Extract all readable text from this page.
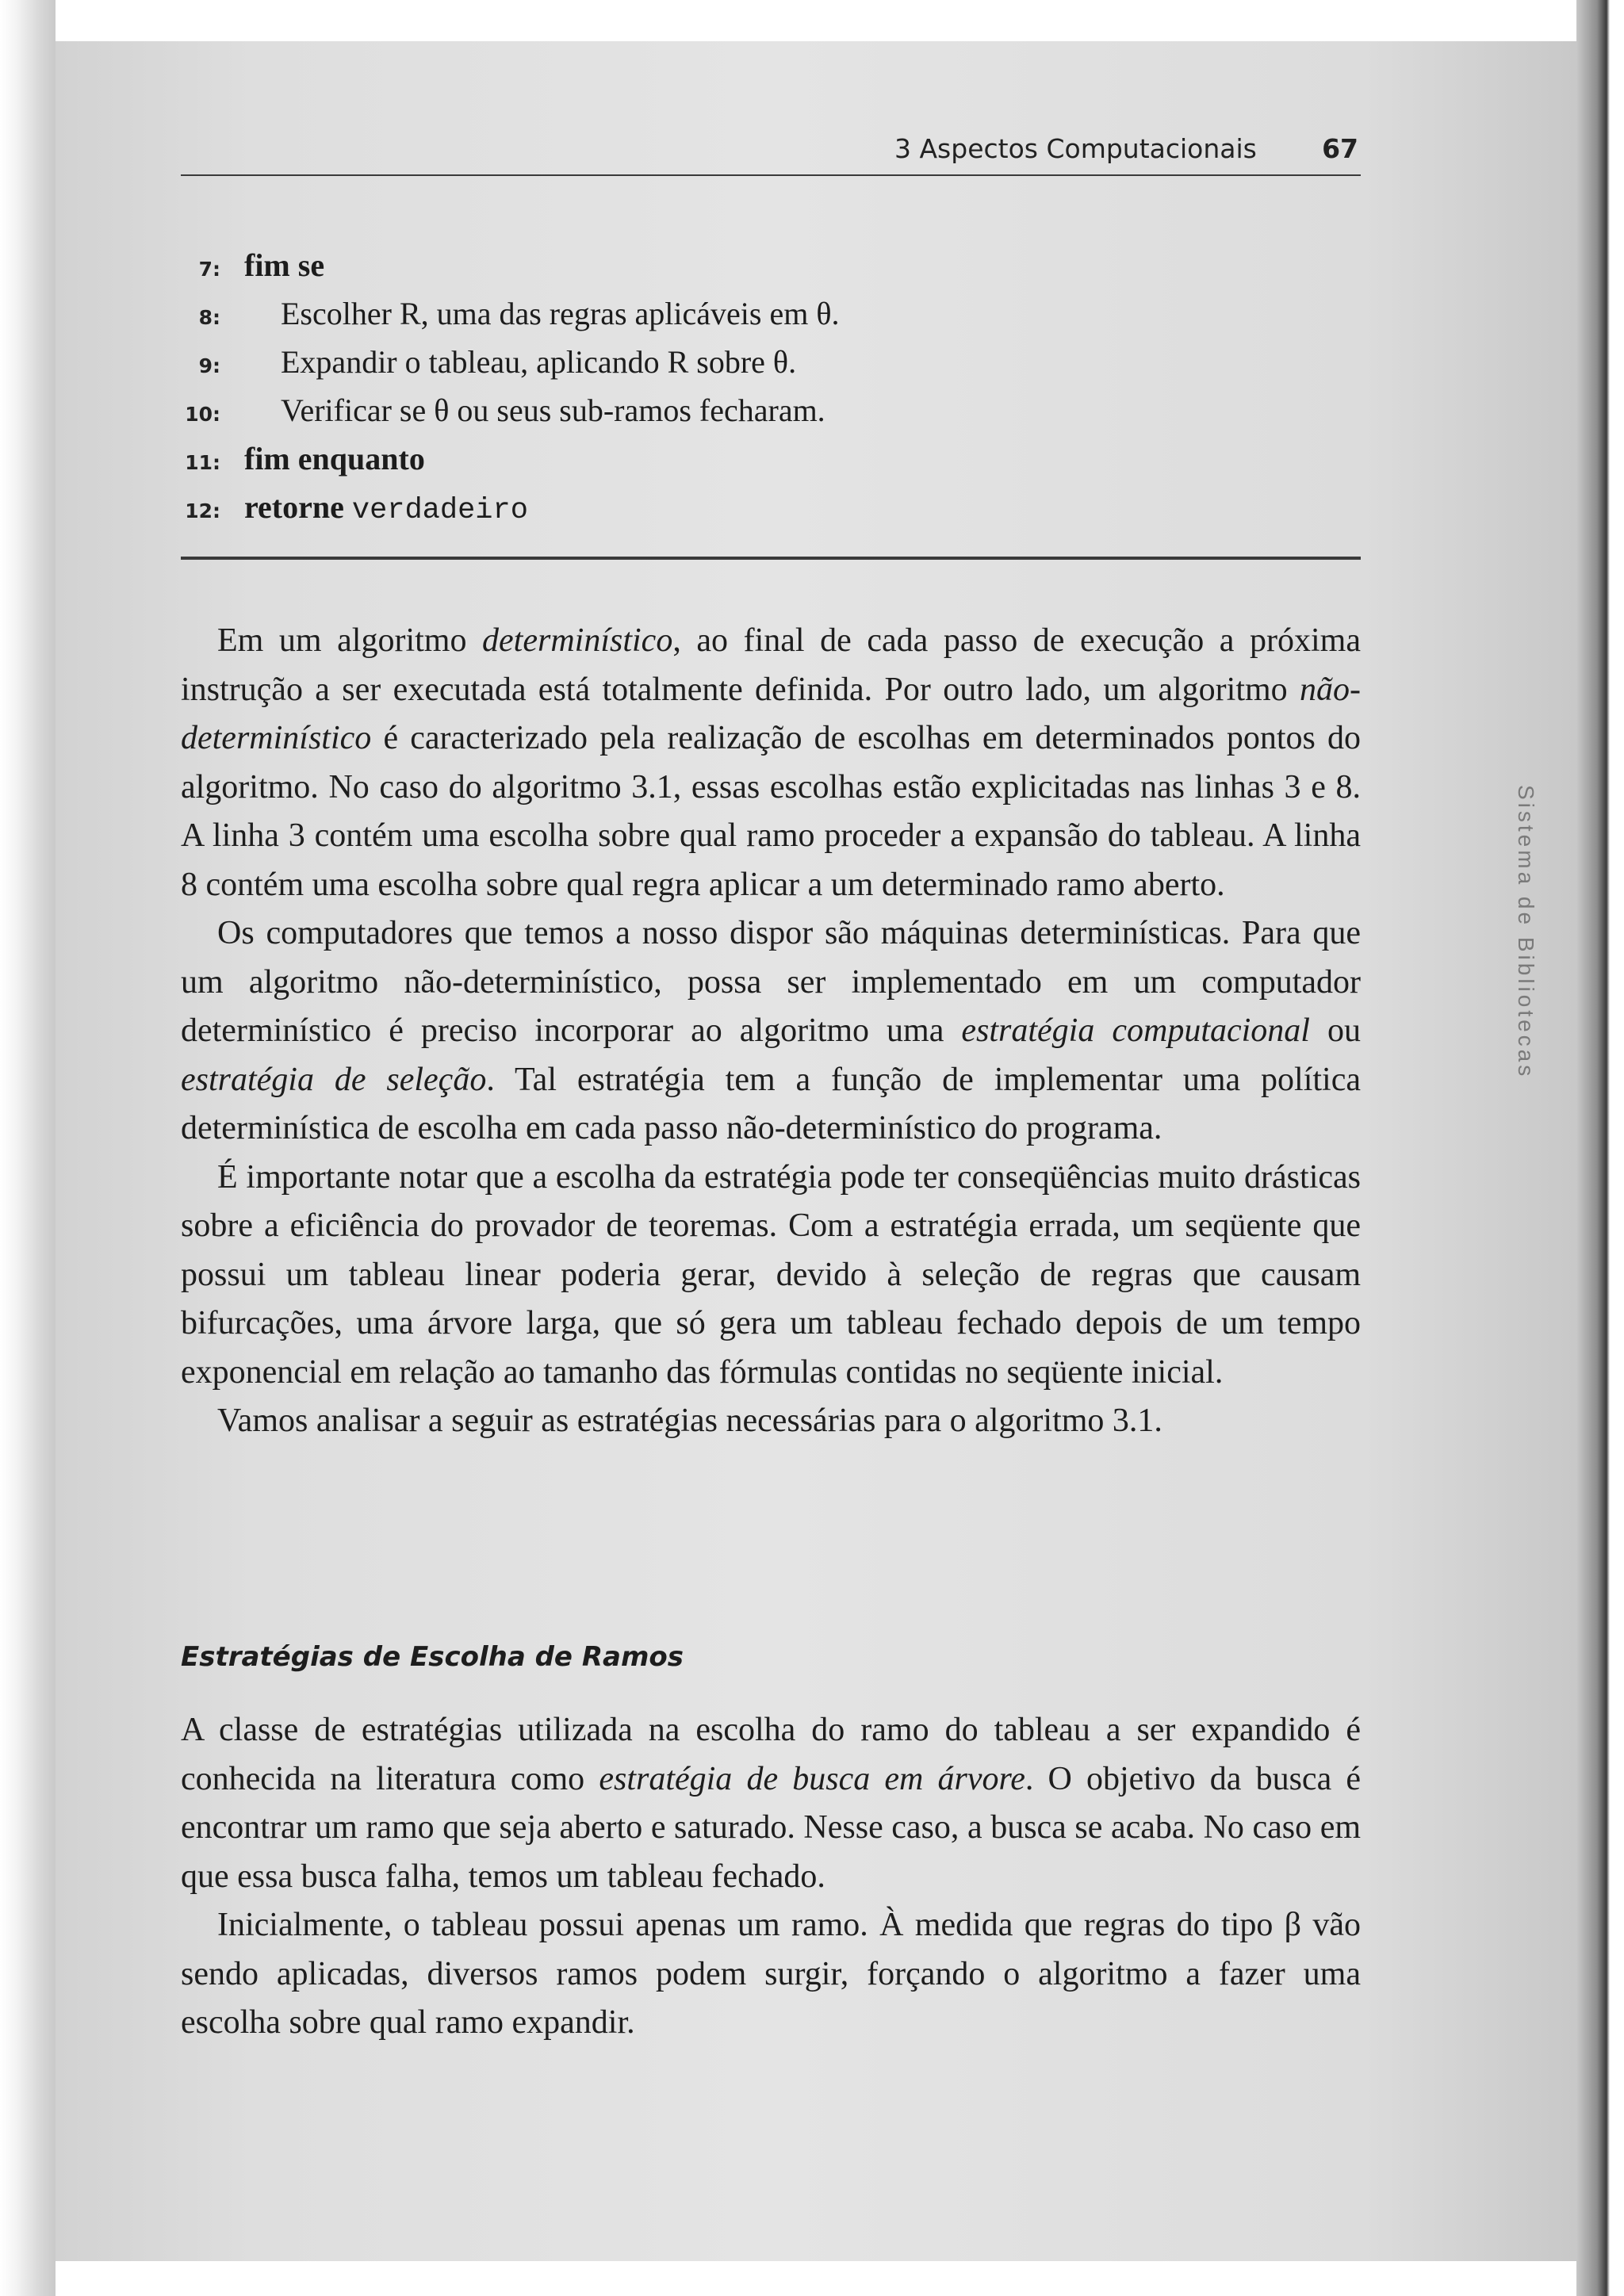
3 Aspectos Computacionais 67
7: fim se
8: Escolher R, uma das regras aplicáveis em θ.
9: Expandir o tableau, aplicando R sobre θ.
10: Verificar se θ ou seus sub-ramos fecharam.
11: fim enquanto
12: retorne verdadeiro

Em um algoritmo determinístico, ao final de cada passo de execução a próxima instrução a ser executada está totalmente definida. Por outro lado, um algoritmo não-determinístico é caracterizado pela realização de escolhas em determinados pontos do algoritmo. No caso do algoritmo 3.1, essas escolhas estão explicitadas nas linhas 3 e 8. A linha 3 contém uma escolha sobre qual ramo proceder a expansão do tableau. A linha 8 contém uma escolha sobre qual regra aplicar a um determinado ramo aberto.

Os computadores que temos a nosso dispor são máquinas determinísticas. Para que um algoritmo não-determinístico, possa ser implementado em um computador determinístico é preciso incorporar ao algoritmo uma estratégia computacional ou estratégia de seleção. Tal estratégia tem a função de implementar uma política determinística de escolha em cada passo não-determinístico do programa.

É importante notar que a escolha da estratégia pode ter conseqüências muito drásticas sobre a eficiência do provador de teoremas. Com a estratégia errada, um seqüente que possui um tableau linear poderia gerar, devido à seleção de regras que causam bifurcações, uma árvore larga, que só gera um tableau fechado depois de um tempo exponencial em relação ao tamanho das fórmulas contidas no seqüente inicial.

Vamos analisar a seguir as estratégias necessárias para o algoritmo 3.1.

Estratégias de Escolha de Ramos

A classe de estratégias utilizada na escolha do ramo do tableau a ser expandido é conhecida na literatura como estratégia de busca em árvore. O objetivo da busca é encontrar um ramo que seja aberto e saturado. Nesse caso, a busca se acaba. No caso em que essa busca falha, temos um tableau fechado.

Inicialmente, o tableau possui apenas um ramo. À medida que regras do tipo β vão sendo aplicadas, diversos ramos podem surgir, forçando o algoritmo a fazer uma escolha sobre qual ramo expandir.

Sistema de Bibliotecas
